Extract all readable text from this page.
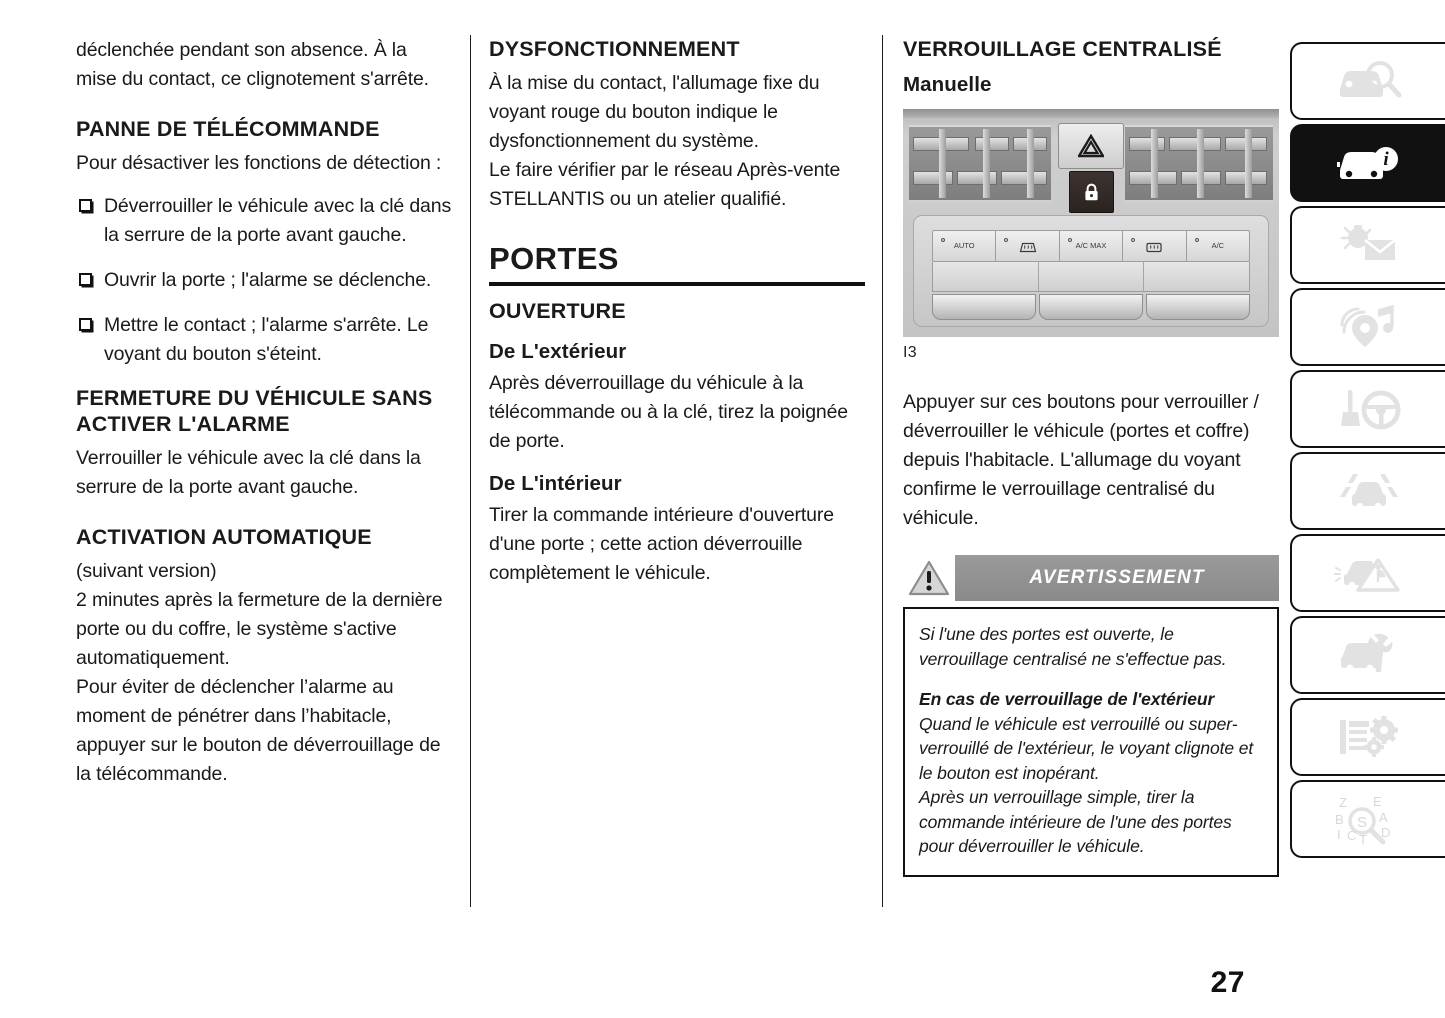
déclenchée pendant son absence. À la mise du contact, ce clignotement s'arrête.

PANNE DE TÉLÉCOMMANDE

Pour désactiver les fonctions de détection :

Déverrouiller le véhicule avec la clé dans la serrure de la porte avant gauche.
Ouvrir la porte ; l'alarme se déclenche.
Mettre le contact ; l'alarme s'arrête. Le voyant du bouton s'éteint.
FERMETURE DU VÉHICULE SANS ACTIVER L'ALARME

Verrouiller le véhicule avec la clé dans la serrure de la porte avant gauche.

ACTIVATION AUTOMATIQUE

(suivant version)

2 minutes après la fermeture de la dernière porte ou du coffre, le système s'active automatiquement.

Pour éviter de déclencher l’alarme au moment de pénétrer dans l’habitacle, appuyer sur le bouton de déverrouillage de la télécommande.

DYSFONCTIONNEMENT

À la mise du contact, l'allumage fixe du voyant rouge du bouton indique le dysfonctionnement du système.

Le faire vérifier par le réseau Après-vente STELLANTIS ou un atelier qualifié.

PORTES
OUVERTURE
De L'extérieur

Après déverrouillage du véhicule à la télécommande ou à la clé, tirez la poignée de porte.

De L'intérieur

Tirer la commande intérieure d'ouverture d'une porte ; cette action déverrouille complètement le véhicule.

VERROUILLAGE CENTRALISÉ
Manuelle
AUTO	A/C MAX	A/C
I3

Appuyer sur ces boutons pour verrouiller / déverrouiller le véhicule (portes et coffre) depuis l'habitacle. L'allumage du voyant confirme le verrouillage centralisé du véhicule.

AVERTISSEMENT

Si l'une des portes est ouverte, le verrouillage centralisé ne s'effectue pas.

En cas de verrouillage de l'extérieur

Quand le véhicule est verrouillé ou super-verrouillé de l'extérieur, le voyant clignote et le bouton est inopérant.

Après un verrouillage simple, tirer la commande intérieure de l'une des portes pour déverrouiller le véhicule.

i
Z
B
I C T
E
A
D
S
27
